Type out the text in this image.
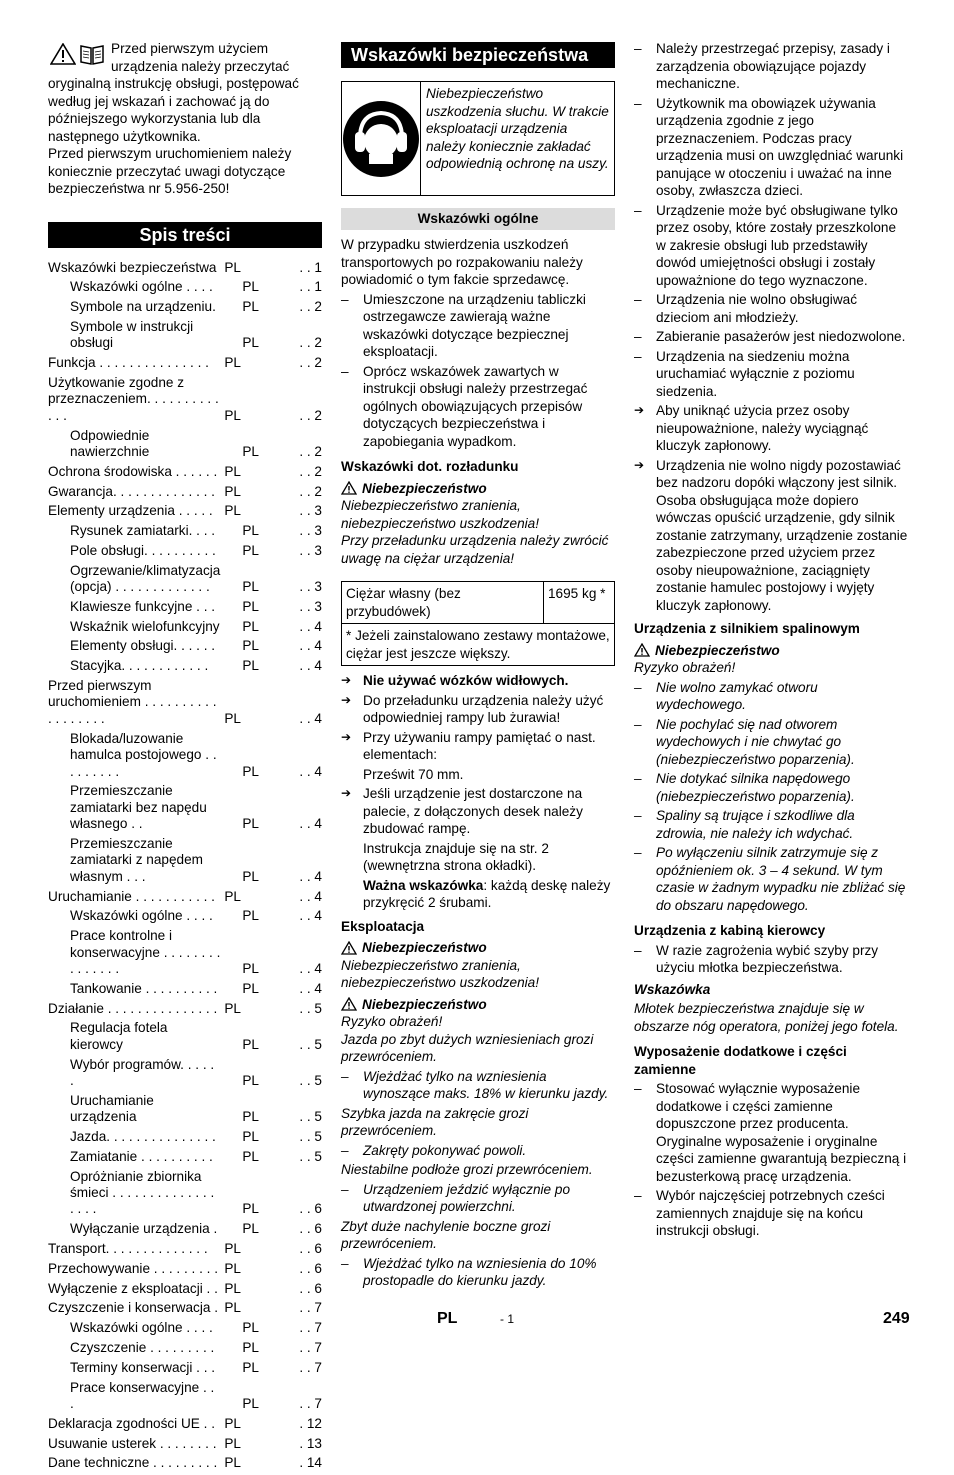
Przed pierwszym użyciem urządzenia należy przeczytać oryginalną instrukcję obsługi, postępować według jej wskazań i zachować ją do późniejszego wykorzystania lub dla następnego użytkownika.

Przed pierwszym uruchomieniem należy koniecznie przeczytać uwagi dotyczące bezpieczeństwa nr 5.956-250!

Spis treści
Wskazówki bezpieczeństwa	PL	. . 1
Wskazówki ogólne . . . .	PL	. . 1
Symbole na urządzeniu.	PL	. . 2
Symbole w instrukcji obsługi	PL	. . 2
Funkcja . . . . . . . . . . . . . . .	PL	. . 2
Użytkowanie zgodne z przeznaczeniem. . . . . . . . . . . . .	PL	. . 2
Odpowiednie nawierzchnie	PL	. . 2
Ochrona środowiska . . . . . .	PL	. . 2
Gwarancja. . . . . . . . . . . . . .	PL	. . 2
Elementy urządzenia . . . . .	PL	. . 3
Rysunek zamiatarki. . . .	PL	. . 3
Pole obsługi. . . . . . . . . .	PL	. . 3
Ogrzewanie/klimatyzacja (opcja) . . . . . . . . . . . . .	PL	. . 3
Klawiesze funkcyjne . . .	PL	. . 3
Wskaźnik wielofunkcyjny	PL	. . 4
Elementy obsługi. . . . . .	PL	. . 4
Stacyjka. . . . . . . . . . . .	PL	. . 4
Przed pierwszym uruchomieniem . . . . . . . . . . . . . . . . . .	PL	. . 4
Blokada/luzowanie hamulca postojowego . . . . . . . . .	PL	. . 4
Przemieszczanie zamiatarki bez napędu własnego . .	PL	. . 4
Przemieszczanie zamiatarki z napędem własnym . . .	PL	. . 4
Uruchamianie . . . . . . . . . . .	PL	. . 4
Wskazówki ogólne . . . .	PL	. . 4
Prace kontrolne i konserwacyjne . . . . . . . . . . . . . . .	PL	. . 4
Tankowanie . . . . . . . . . .	PL	. . 4
Działanie . . . . . . . . . . . . . . .	PL	. . 5
Regulacja fotela kierowcy	PL	. . 5
Wybór programów. . . . . .	PL	. . 5
Uruchamianie urządzenia	PL	. . 5
Jazda. . . . . . . . . . . . . . .	PL	. . 5
Zamiatanie . . . . . . . . . .	PL	. . 5
Opróżnianie zbiornika śmieci . . . . . . . . . . . . . . . . . .	PL	. . 6
Wyłączanie urządzenia .	PL	. . 6
Transport. . . . . . . . . . . . . .	PL	. . 6
Przechowywanie . . . . . . . . .	PL	. . 6
Wyłączenie z eksploatacji . .	PL	. . 6
Czyszczenie i konserwacja .	PL	. . 7
Wskazówki ogólne . . . .	PL	. . 7
Czyszczenie . . . . . . . . .	PL	. . 7
Terminy konserwacji . . .	PL	. . 7
Prace konserwacyjne . . .	PL	. . 7
Deklaracja zgodności UE . .	PL	. 12
Usuwanie usterek . . . . . . . .	PL	. 13
Dane techniczne . . . . . . . . .	PL	. 14
Wskazówki bezpieczeństwa
Niebezpieczeństwo uszkodzenia słuchu. W trakcie eksploatacji urządzenia należy koniecznie zakładać odpowiednią ochronę na uszy.
Wskazówki ogólne

W przypadku stwierdzenia uszkodzeń transportowych po rozpakowaniu należy powiadomić o tym fakcie sprzedawcę.

– Umieszczone na urządzeniu tabliczki ostrzegawcze zawierają ważne wskazówki dotyczące bezpiecznej eksploatacji.
– Oprócz wskazówek zawartych w instrukcji obsługi należy przestrzegać ogólnych obowiązujących przepisów dotyczących bezpieczeństwa i zapobiegania wypadkom.
Wskazówki dot. rozładunku
Niebezpieczeństwo

Niebezpieczeństwo zranienia, niebezpieczeństwo uszkodzenia!

Przy przeładunku urządzenia należy zwrócić uwagę na ciężar urządzenia!

Ciężar własny (bez przybudówek)	1695 kg *
* Jeżeli zainstalowano zestawy montażowe, ciężar jest jeszcze większy.
➔ Nie używać wózków widłowych.
➔ Do przeładunku urządzenia należy użyć odpowiedniej rampy lub żurawia!
➔ Przy używaniu rampy pamiętać o nast. elementach:

Prześwit 70 mm.

➔ Jeśli urządzenie jest dostarczone na palecie, z dołączonych desek należy zbudować rampę.

Instrukcja znajduje się na str. 2 (wewnętrzna strona okładki).

Ważna wskazówka: każdą deskę należy przykręcić 2 śrubami.

Eksploatacja
Niebezpieczeństwo

Niebezpieczeństwo zranienia, niebezpieczeństwo uszkodzenia!

Niebezpieczeństwo

Ryzyko obrażeń!

Jazda po zbyt dużych wzniesieniach grozi przewróceniem.

– Wjeżdżać tylko na wzniesienia wynoszące maks. 18% w kierunku jazdy.

Szybka jazda na zakręcie grozi przewróceniem.

– Zakręty pokonywać powoli.

Niestabilne podłoże grozi przewróceniem.

– Urządzeniem jeździć wyłącznie po utwardzonej powierzchni.

Zbyt duże nachylenie boczne grozi przewróceniem.

– Wjeżdżać tylko na wzniesienia do 10% prostopadle do kierunku jazdy.
– Należy przestrzegać przepisy, zasady i zarządzenia obowiązujące pojazdy mechaniczne.
– Użytkownik ma obowiązek używania urządzenia zgodnie z jego przeznaczeniem. Podczas pracy urządzenia musi on uwzględniać warunki panujące w otoczeniu i uważać na inne osoby, zwłaszcza dzieci.
– Urządzenie może być obsługiwane tylko przez osoby, które zostały przeszkolone w zakresie obsługi lub przedstawiły dowód umiejętności obsługi i zostały upoważnione do tego wyznaczone.
– Urządzenia nie wolno obsługiwać dzieciom ani młodzieży.
– Zabieranie pasażerów jest niedozwolone.
– Urządzenia na siedzeniu można uruchamiać wyłącznie z poziomu siedzenia.
➔ Aby uniknąć użycia przez osoby nieupoważnione, należy wyciągnąć kluczyk zapłonowy.
➔ Urządzenia nie wolno nigdy pozostawiać bez nadzoru dopóki włączony jest silnik. Osoba obsługująca może dopiero wówczas opuścić urządzenie, gdy silnik zostanie zatrzymany, urządzenie zostanie zabezpieczone przed użyciem przez osoby nieupoważnione, zaciągnięty zostanie hamulec postojowy i wyjęty kluczyk zapłonowy.
Urządzenia z silnikiem spalinowym
Niebezpieczeństwo

Ryzyko obrażeń!

– Nie wolno zamykać otworu wydechowego.
– Nie pochylać się nad otworem wydechowych i nie chwytać go (niebezpieczeństwo poparzenia).
– Nie dotykać silnika napędowego (niebezpieczeństwo poparzenia).
– Spaliny są trujące i szkodliwe dla zdrowia, nie należy ich wdychać.
– Po wyłączeniu silnik zatrzymuje się z opóźnieniem ok. 3 – 4 sekund. W tym czasie w żadnym wypadku nie zbliżać się do obszaru napędowego.
Urządzenia z kabiną kierowcy
– W razie zagrożenia wybić szyby przy użyciu młotka bezpieczeństwa.
Wskazówka

Młotek bezpieczeństwa znajduje się w obszarze nóg operatora, poniżej jego fotela.

Wyposażenie dodatkowe i części zamienne
– Stosować wyłącznie wyposażenie dodatkowe i części zamienne dopuszczone przez producenta. Oryginalne wyposażenie i oryginalne części zamienne gwarantują bezpieczną i bezusterkową pracę urządzenia.
– Wybór najczęściej potrzebnych cześci zamiennych znajduje się na końcu instrukcji obsługi.
PL	- 1	249
